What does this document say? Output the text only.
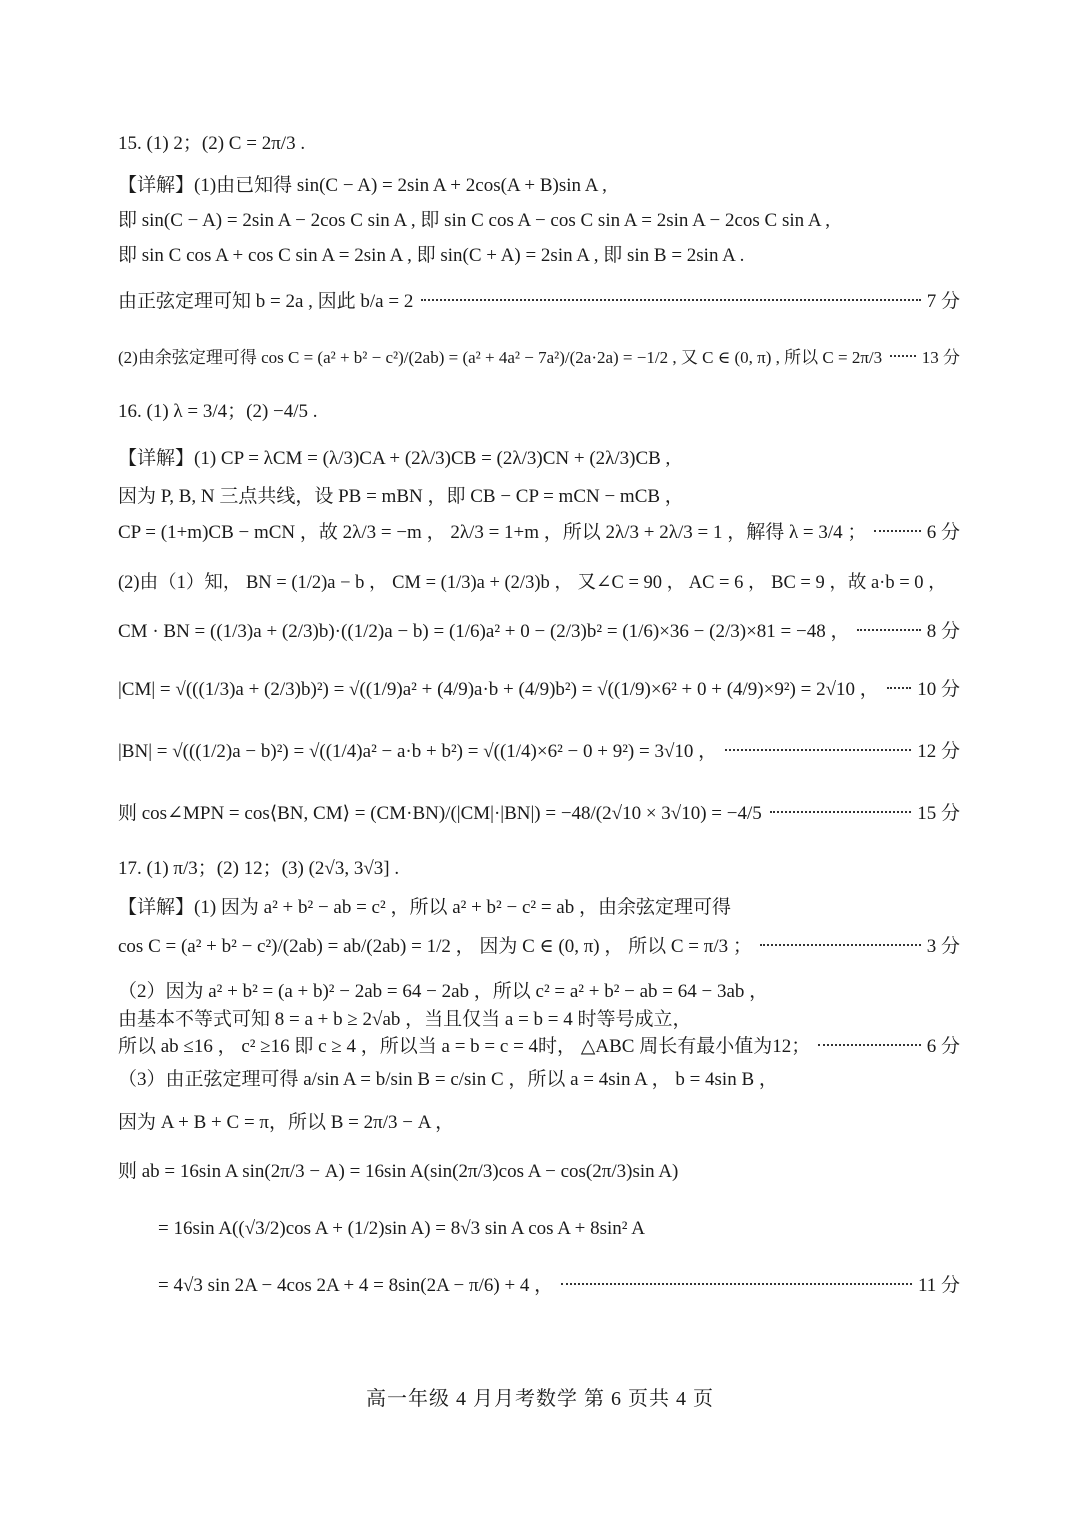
15. (1) 2；(2) C = 2π/3 .
【详解】(1)由已知得 sin(C − A) = 2sin A + 2cos(A + B)sin A ,
即 sin(C − A) = 2sin A − 2cos C sin A , 即 sin C cos A − cos C sin A = 2sin A − 2cos C sin A ,
即 sin C cos A + cos C sin A = 2sin A , 即 sin(C + A) = 2sin A , 即 sin B = 2sin A .
由正弦定理可知 b = 2a , 因此 b/a = 2	7 分
(2)由余弦定理可得 cos C = (a² + b² − c²)/(2ab) = (a² + 4a² − 7a²)/(2a·2a) = −1/2 , 又 C ∈ (0, π) , 所以 C = 2π/3 13 分
16. (1) λ = 3/4；(2) −4/5 .
【详解】(1) CP = λCM = (λ/3)CA + (2λ/3)CB = (2λ/3)CN + (2λ/3)CB ,
因为 P, B, N 三点共线，设 PB = mBN ，即 CB − CP = mCN − mCB ，
CP = (1+m)CB − mCN ，故 2λ/3 = −m ， 2λ/3 = 1+m ，所以 2λ/3 + 2λ/3 = 1 ，解得 λ = 3/4 ；	6 分
(2)由（1）知， BN = (1/2)a − b ， CM = (1/3)a + (2/3)b ， 又∠C = 90 ， AC = 6 ， BC = 9 ，故 a·b = 0 ，
CM · BN = ((1/3)a + (2/3)b)·((1/2)a − b) = (1/6)a² + 0 − (2/3)b² = (1/6)×36 − (2/3)×81 = −48 ，	8 分
|CM| = √(((1/3)a + (2/3)b)²) = √((1/9)a² + (4/9)a·b + (4/9)b²) = √((1/9)×6² + 0 + (4/9)×9²) = 2√10 ， 10 分
|BN| = √(((1/2)a − b)²) = √((1/4)a² − a·b + b²) = √((1/4)×6² − 0 + 9²) = 3√10 ，	12 分
则 cos∠MPN = cos⟨BN, CM⟩ = (CM·BN)/(|CM|·|BN|) = −48/(2√10 × 3√10) = −4/5	15 分
17. (1) π/3；(2) 12；(3) (2√3, 3√3] .
【详解】(1) 因为 a² + b² − ab = c² ，所以 a² + b² − c² = ab ，由余弦定理可得
cos C = (a² + b² − c²)/(2ab) = ab/(2ab) = 1/2 ， 因为 C ∈ (0, π) ， 所以 C = π/3 ；	3 分
（2）因为 a² + b² = (a + b)² − 2ab = 64 − 2ab ，所以 c² = a² + b² − ab = 64 − 3ab ，
由基本不等式可知 8 = a + b ≥ 2√ab ，当且仅当 a = b = 4 时等号成立，
所以 ab ≤16 ， c² ≥16 即 c ≥ 4 ，所以当 a = b = c = 4时， △ABC 周长有最小值为12；	6 分
（3）由正弦定理可得 a/sin A = b/sin B = c/sin C ，所以 a = 4sin A ， b = 4sin B ，
因为 A + B + C = π，所以 B = 2π/3 − A ，
则 ab = 16sin A sin(2π/3 − A) = 16sin A(sin(2π/3)cos A − cos(2π/3)sin A)
= 16sin A((√3/2)cos A + (1/2)sin A) = 8√3 sin A cos A + 8sin² A
= 4√3 sin 2A − 4cos 2A + 4 = 8sin(2A − π/6) + 4 ，	11 分
高一年级 4 月月考数学 第 6 页共 4 页
